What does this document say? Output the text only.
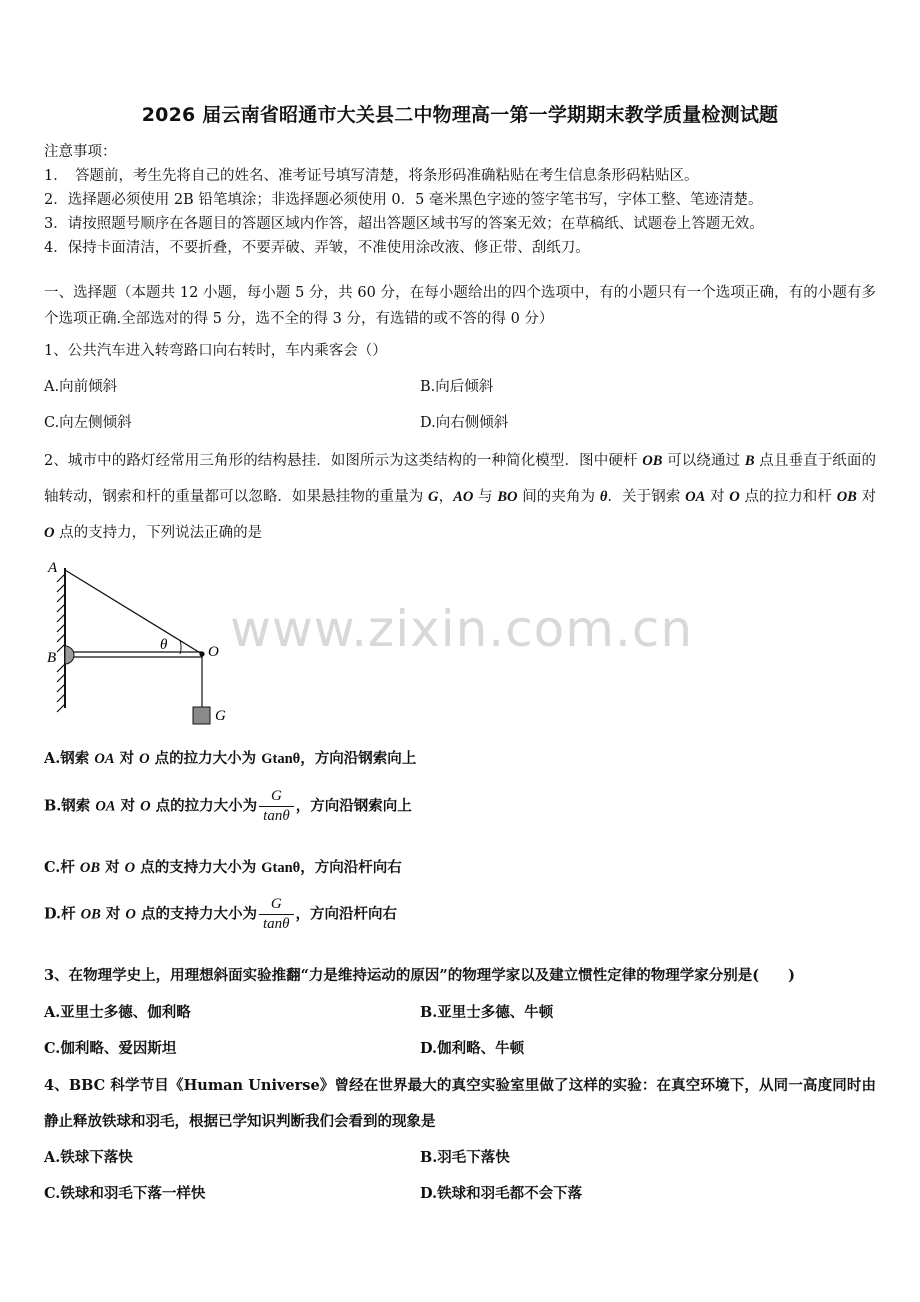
2026 届云南省昭通市大关县二中物理高一第一学期期末教学质量检测试题
注意事项：
1．　答题前，考生先将自己的姓名、准考证号填写清楚，将条形码准确粘贴在考生信息条形码粘贴区。
2．选择题必须使用 2B 铅笔填涂；非选择题必须使用 0．5 毫米黑色字迹的签字笔书写，字体工整、笔迹清楚。
3．请按照题号顺序在各题目的答题区域内作答，超出答题区域书写的答案无效；在草稿纸、试题卷上答题无效。
4．保持卡面清洁，不要折叠，不要弄破、弄皱，不准使用涂改液、修正带、刮纸刀。
一、选择题（本题共 12 小题，每小题 5 分，共 60 分，在每小题给出的四个选项中，有的小题只有一个选项正确，有的小题有多个选项正确.全部选对的得 5 分，选不全的得 3 分，有选错的或不答的得 0 分）
1、公共汽车进入转弯路口向右转时，车内乘客会（）
A.向前倾斜	B.向后倾斜
C.向左侧倾斜	D.向右侧倾斜
2、城市中的路灯经常用三角形的结构悬挂．如图所示为这类结构的一种简化模型．图中硬杆 OB 可以绕通过 B 点且垂直于纸面的轴转动，钢索和杆的重量都可以忽略．如果悬挂物的重量为 G，AO 与 BO 间的夹角为 θ．关于钢索 OA 对 O 点的拉力和杆 OB 对 O 点的支持力，下列说法正确的是
A
B	O
G
θ www.zixin.com.cn
A.钢索 OA 对 O 点的拉力大小为 Gtanθ，方向沿钢索向上
B.钢索 OA 对 O 点的拉力大小为 $\frac{G}{\tan\theta}$ ，方向沿钢索向上
C.杆 OB 对 O 点的支持力大小为 Gtanθ，方向沿杆向右
D.杆 OB 对 O 点的支持力大小为 $\frac{G}{\tan\theta}$ ，方向沿杆向右
3、在物理学史上，用理想斜面实验推翻“力是维持运动的原因”的物理学家以及建立惯性定律的物理学家分别是(　　)
A.亚里士多德、伽利略	B.亚里士多德、牛顿
C.伽利略、爱因斯坦	D.伽利略、牛顿
4、BBC 科学节目《Human Universe》曾经在世界最大的真空实验室里做了这样的实验：在真空环境下，从同一高度同时由静止释放铁球和羽毛，根据已学知识判断我们会看到的现象是
A.铁球下落快	B.羽毛下落快
C.铁球和羽毛下落一样快	D.铁球和羽毛都不会下落
